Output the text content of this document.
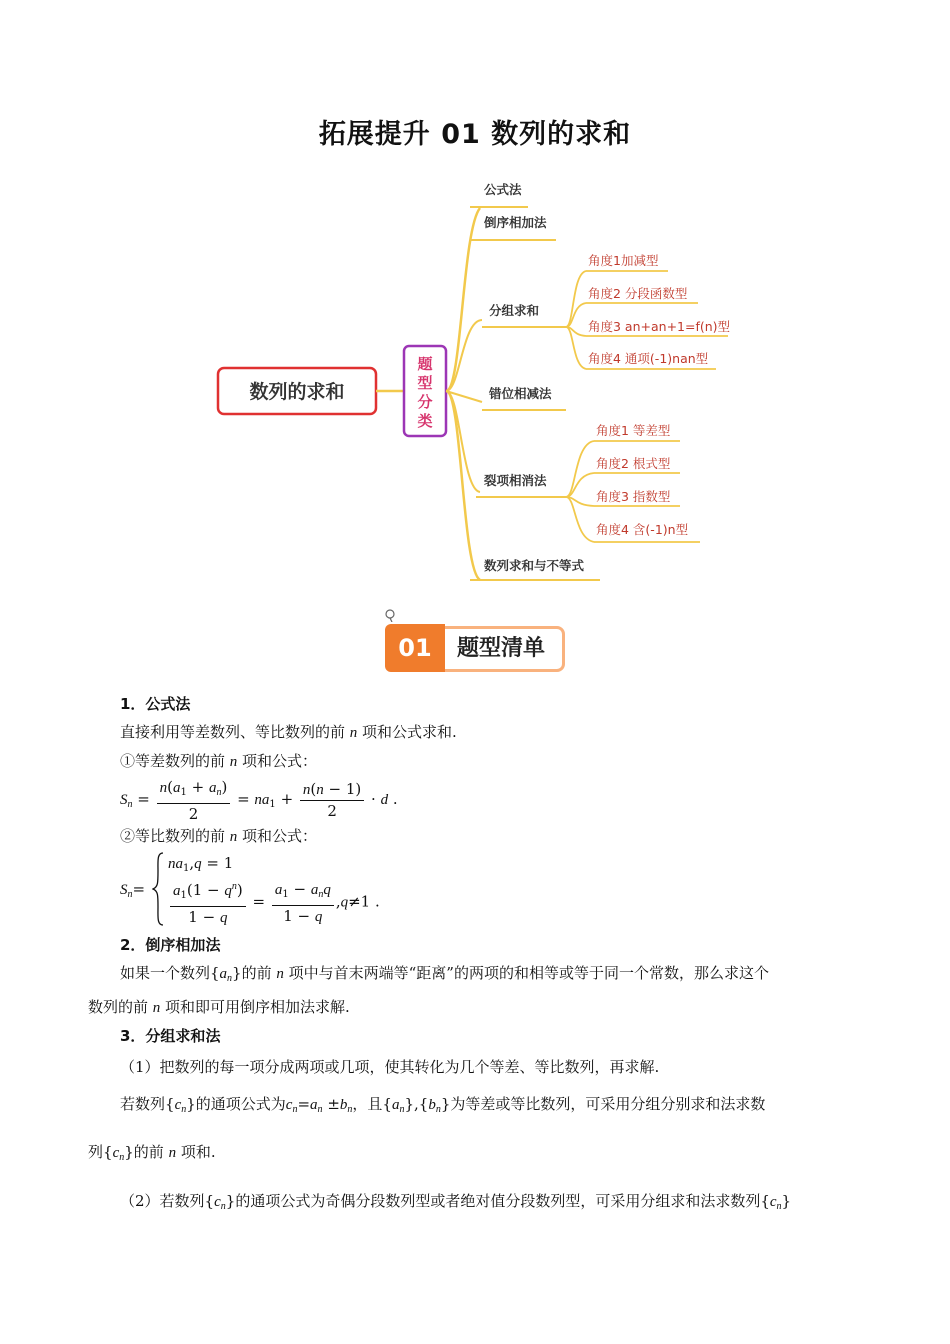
拓展提升 01 数列的求和
数列的求和
题
型
分
类
公式法
倒序相加法
分组求和
错位相减法
裂项相消法
数列求和与不等式
角度1加减型
角度2 分段函数型
角度3 an+an+1=f(n)型
角度4 通项(-1)nan型
角度1 等差型
角度2 根式型
角度3 指数型
角度4 含(-1)n型
题型清单
01

1．公式法

直接利用等差数列、等比数列的前 n 项和公式求和.

①等差数列的前 n 项和公式：

$S_n = \frac{n(a_1 + a_n)}{2} = na_1 + \frac{n(n - 1)}{2} \cdot d$ .

②等比数列的前 n 项和公式：

$S_n=$
$na_1,q = 1$
$\frac{a_1(1 - q^n)}{1 - q} = \frac{a_1 - a_nq}{1 - q} ,q\ne 1$ .

2．倒序相加法

如果一个数列$\{a_n\}$的前 n 项中与首末两端等“距离”的两项的和相等或等于同一个常数，那么求这个

数列的前 n 项和即可用倒序相加法求解.

3．分组求和法

（1）把数列的每一项分成两项或几项，使其转化为几个等差、等比数列，再求解.

若数列$\{c_n\}$的通项公式为$c_n=a_n \pm b_n$，且$\{a_n\},\{b_n\}$为等差或等比数列，可采用分组分别求和法求数

列$\{c_n\}$的前 n 项和.

（2）若数列$\{c_n\}$的通项公式为奇偶分段数列型或者绝对值分段数列型，可采用分组求和法求数列$\{c_n\}$
